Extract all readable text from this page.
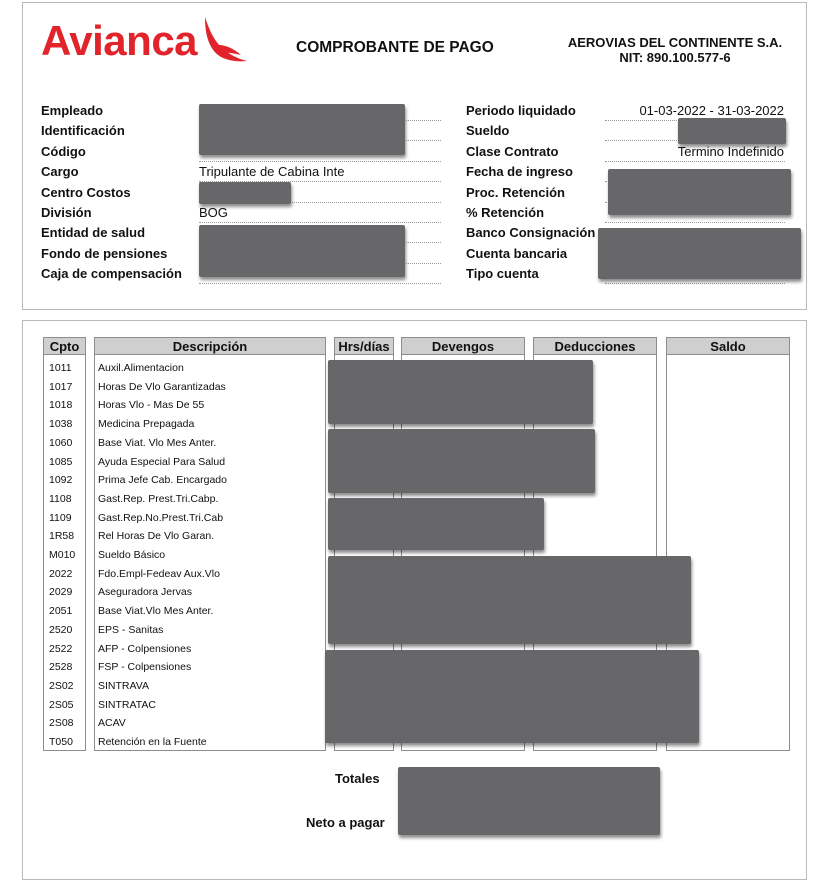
Avianca	COMPROBANTE DE PAGO	AEROVIAS DEL CONTINENTE S.A.
NIT: 890.100.577-6
Empleado
Identificación
Código
Cargo	Tripulante de Cabina Inte
Centro Costos
División	BOG
Entidad de salud
Fondo de pensiones
Caja de compensación
Periodo liquidado	01-03-2022 - 31-03-2022
Sueldo
Clase Contrato	Termino Indefinido
Fecha de ingreso
Proc. Retención
% Retención
Banco Consignación
Cuenta bancaria
Tipo cuenta
Cpto	Descripción	Hrs/días	Devengos	Deducciones	Saldo
1011	Auxil.Alimentacion
1017 Horas De Vlo Garantizadas
1018 Horas Vlo - Mas De 55
1038 Medicina Prepagada
1060 Base Viat. Vlo Mes Anter.
1085 Ayuda Especial Para Salud
1092 Prima Jefe Cab. Encargado
1108	Gast.Rep. Prest.Tri.Cabp.
1109	Gast.Rep.No.Prest.Tri.Cab
1R58 Rel Horas De Vlo Garan.
M010 Sueldo Básico
2022 Fdo.Empl-Fedeav Aux.Vlo
2029 Aseguradora Jervas
2051 Base Viat.Vlo Mes Anter.
2520 EPS - Sanitas
2522 AFP - Colpensiones
2528 FSP - Colpensiones
2S02 SINTRAVA
2S05 SINTRATAC
2S08 ACAV
T050 Retención en la Fuente
Totales
Neto a pagar
